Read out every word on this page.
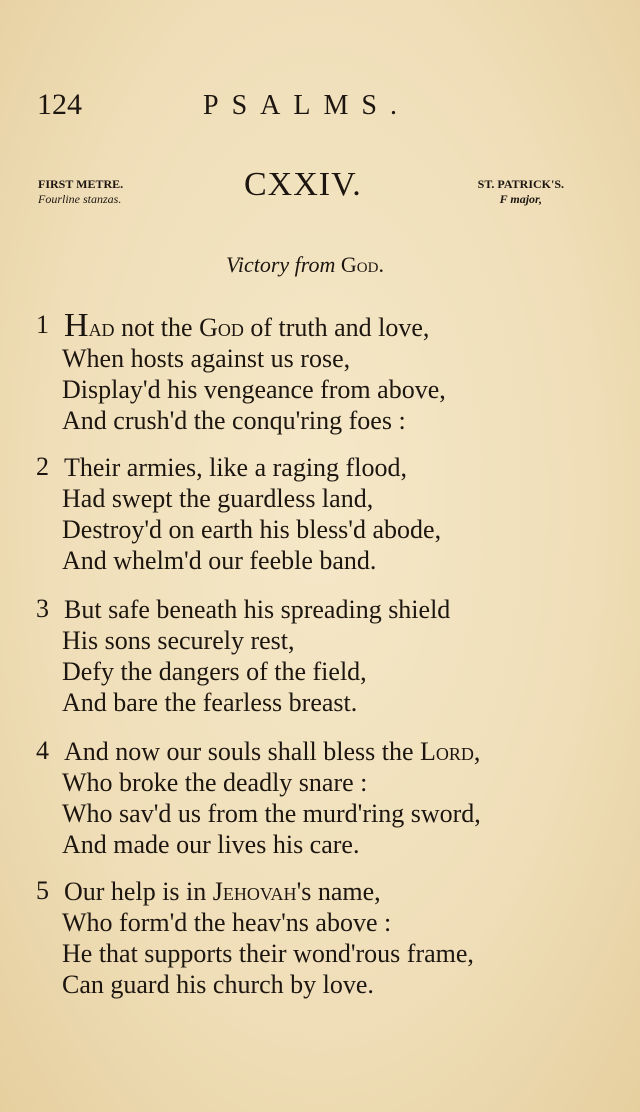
124	PSALMS.
FIRST METRE.
Fourline stanzas.	CXXIV.	ST. PATRICK'S.
F major,
Victory from God.
1 Had not the God of truth and love,
When hosts against us rose,
Display'd his vengeance from above,
And crush'd the conqu'ring foes :
2 Their armies, like a raging flood,
Had swept the guardless land,
Destroy'd on earth his bless'd abode,
And whelm'd our feeble band.
3 But safe beneath his spreading shield
His sons securely rest,
Defy the dangers of the field,
And bare the fearless breast.
4 And now our souls shall bless the Lord,
Who broke the deadly snare :
Who sav'd us from the murd'ring sword,
And made our lives his care.
5 Our help is in Jehovah's name,
Who form'd the heav'ns above :
He that supports their wond'rous frame,
Can guard his church by love.
